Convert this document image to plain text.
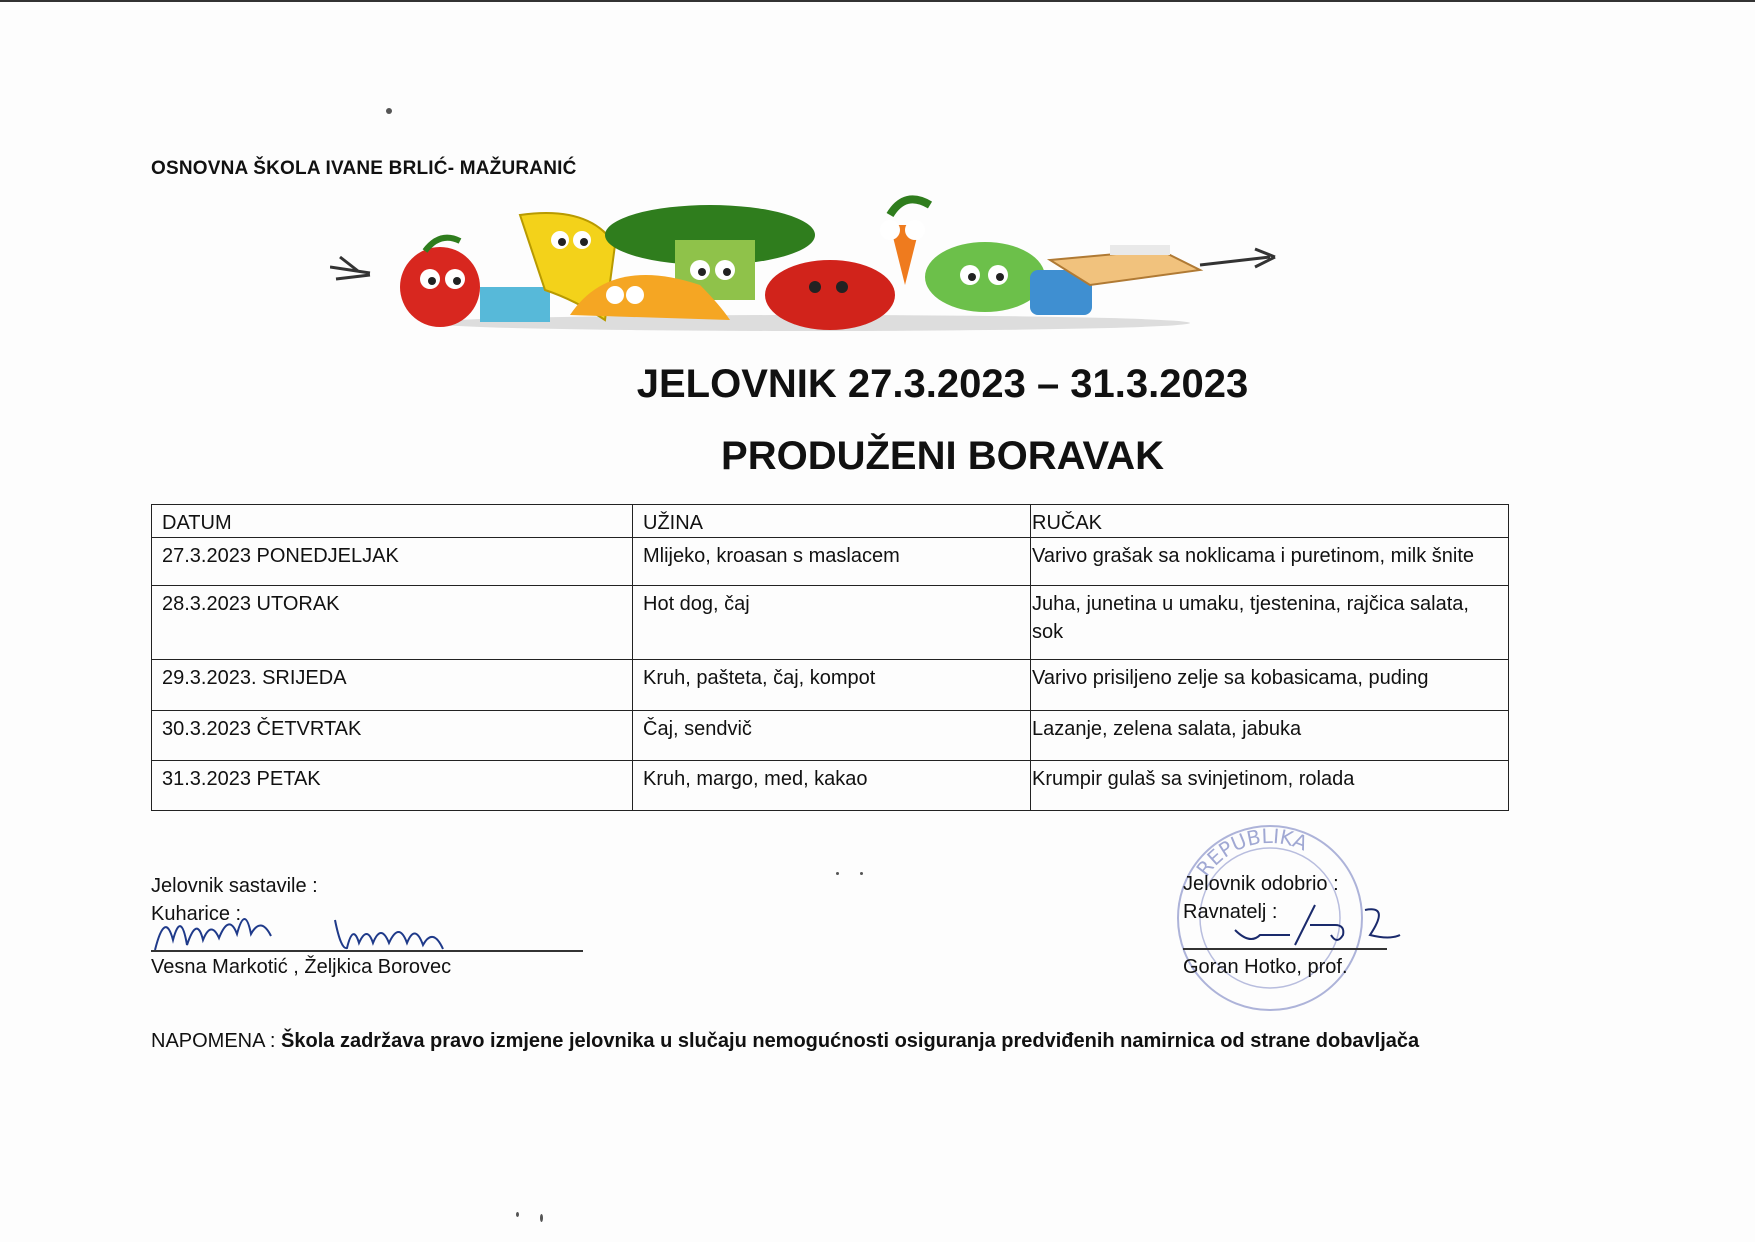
OSNOVNA ŠKOLA IVANE BRLIĆ- MAŽURANIĆ
JELOVNIK 27.3.2023 – 31.3.2023
PRODUŽENI BORAVAK
DATUM	UŽINA	RUČAK
27.3.2023 PONEDJELJAK	Mlijeko, kroasan s maslacem	Varivo grašak sa noklicama i puretinom, milk šnite
28.3.2023 UTORAK	Hot dog, čaj	Juha, junetina u umaku, tjestenina, rajčica salata, sok
29.3.2023. SRIJEDA	Kruh, pašteta, čaj, kompot	Varivo prisiljeno zelje sa kobasicama, puding
30.3.2023 ČETVRTAK	Čaj, sendvič	Lazanje, zelena salata, jabuka
31.3.2023 PETAK	Kruh, margo, med, kakao	Krumpir gulaš sa svinjetinom, rolada
Jelovnik sastavile :
Kuharice :
Vesna Markotić , Željkica Borovec
REPUBLIKA
Jelovnik odobrio :
Ravnatelj :
Goran Hotko, prof.
NAPOMENA : Škola zadržava pravo izmjene jelovnika u slučaju nemogućnosti osiguranja predviđenih namirnica od strane dobavljača
